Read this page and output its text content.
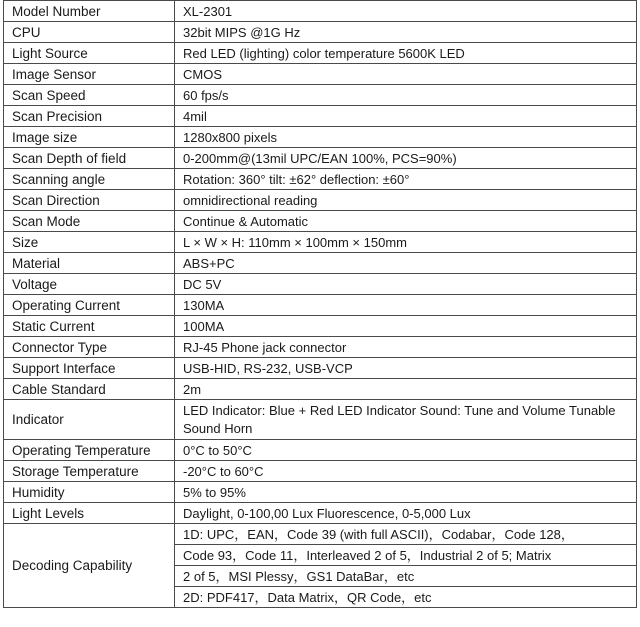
Model Number	XL-2301
CPU	32bit MIPS @1G Hz
Light Source	Red LED (lighting) color temperature 5600K LED
Image Sensor	CMOS
Scan Speed	60 fps/s
Scan Precision	4mil
Image size	1280x800 pixels
Scan Depth of field	0-200mm@(13mil UPC/EAN 100%, PCS=90%)
Scanning angle	Rotation: 360° tilt: ±62° deflection: ±60°
Scan Direction	omnidirectional reading
Scan Mode	Continue & Automatic
Size	L × W × H: 110mm × 100mm × 150mm
Material	ABS+PC
Voltage	DC 5V
Operating Current	130MA
Static Current	100MA
Connector Type	RJ-45 Phone jack connector
Support Interface	USB-HID, RS-232, USB-VCP
Cable Standard	2m
Indicator	LED Indicator: Blue + Red LED Indicator Sound: Tune and Volume Tunable Sound Horn
Operating Temperature	0°C to 50°C
Storage Temperature	-20°C to 60°C
Humidity	5% to 95%
Light Levels	Daylight, 0-100,00 Lux Fluorescence, 0-5,000 Lux
Decoding Capability	1D: UPC，EAN，Code 39 (with full ASCII)，Codabar，Code 128，
	Code 93，Code 11，Interleaved 2 of 5，Industrial 2 of 5; Matrix
	2 of 5，MSI Plessy，GS1 DataBar，etc
	2D: PDF417，Data Matrix，QR Code，etc
